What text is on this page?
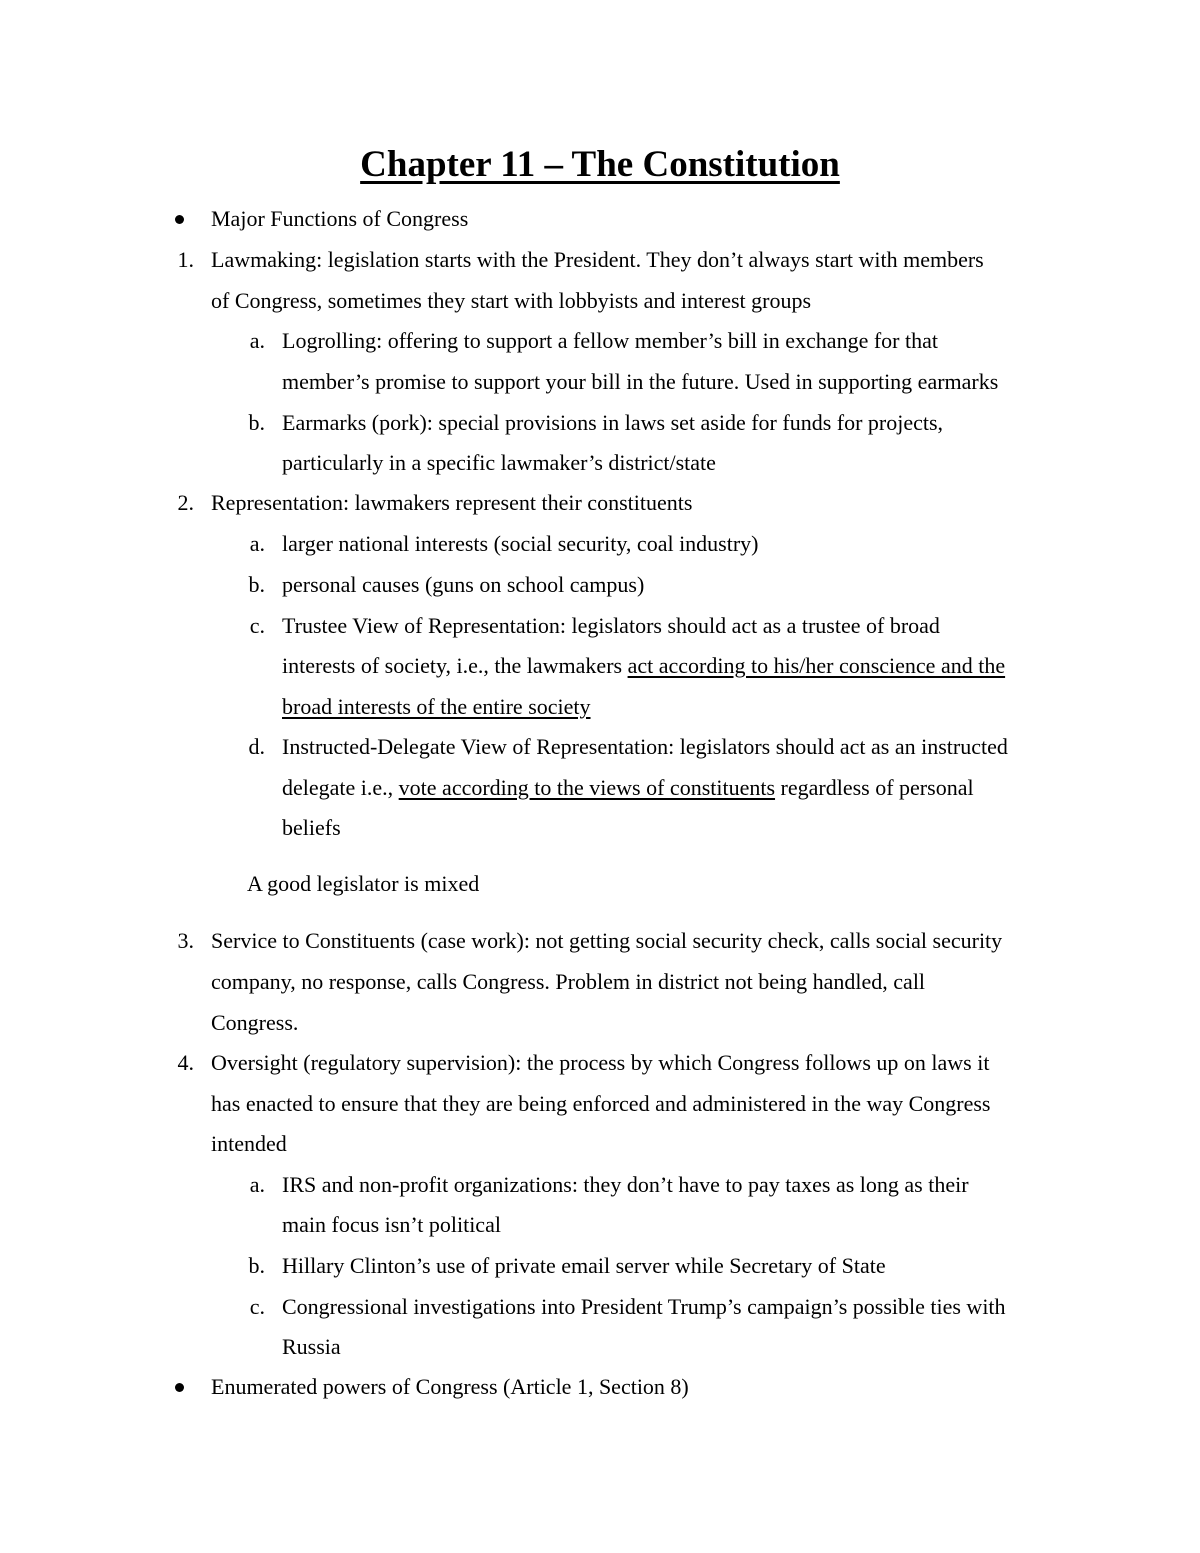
Chapter 11 – The Constitution

Major Functions of Congress

1. Lawmaking: legislation starts with the President. They don’t always start with members

of Congress, sometimes they start with lobbyists and interest groups

a. Logrolling: offering to support a fellow member’s bill in exchange for that

member’s promise to support your bill in the future. Used in supporting earmarks

b. Earmarks (pork): special provisions in laws set aside for funds for projects,

particularly in a specific lawmaker’s district/state

2. Representation: lawmakers represent their constituents

a. larger national interests (social security, coal industry)

b. personal causes (guns on school campus)

c. Trustee View of Representation: legislators should act as a trustee of broad

interests of society, i.e., the lawmakers act according to his/her conscience and the

broad interests of the entire society

d. Instructed-Delegate View of Representation: legislators should act as an instructed

delegate i.e., vote according to the views of constituents regardless of personal

beliefs

A good legislator is mixed

3. Service to Constituents (case work): not getting social security check, calls social security

company, no response, calls Congress. Problem in district not being handled, call

Congress.

4. Oversight (regulatory supervision): the process by which Congress follows up on laws it

has enacted to ensure that they are being enforced and administered in the way Congress

intended

a. IRS and non-profit organizations: they don’t have to pay taxes as long as their

main focus isn’t political

b. Hillary Clinton’s use of private email server while Secretary of State

c. Congressional investigations into President Trump’s campaign’s possible ties with

Russia

Enumerated powers of Congress (Article 1, Section 8)
